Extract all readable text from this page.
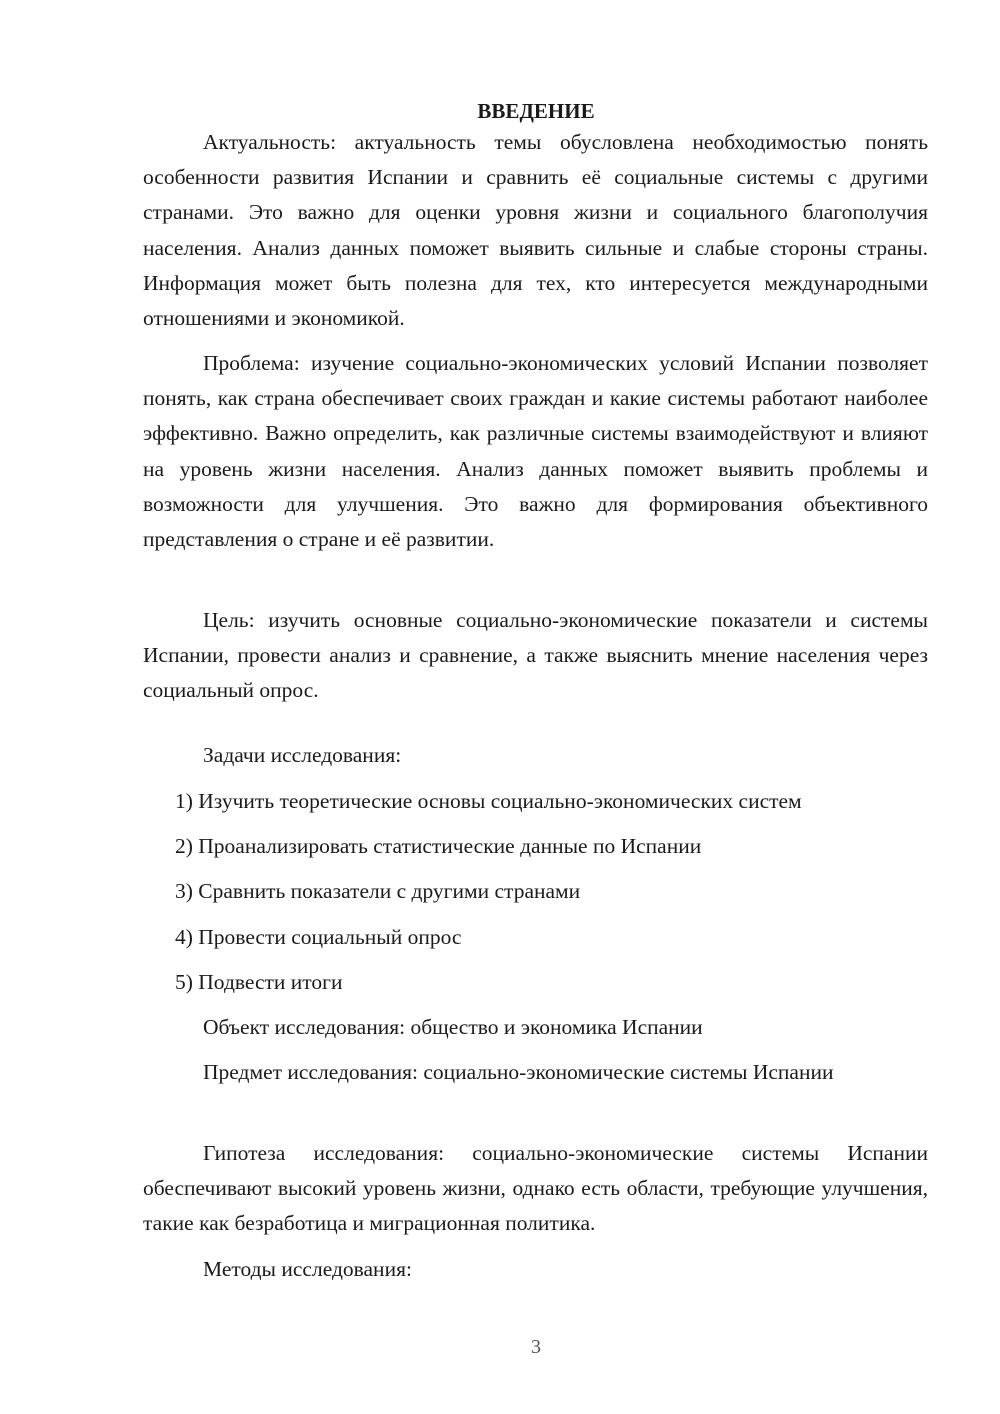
ВВЕДЕНИЕ

Актуальность: актуальность темы обусловлена необходимостью понять особенности развития Испании и сравнить её социальные системы с другими странами. Это важно для оценки уровня жизни и социального благополучия населения. Анализ данных поможет выявить сильные и слабые стороны страны. Информация может быть полезна для тех, кто интересуется международными отношениями и экономикой.

Проблема: изучение социально-экономических условий Испании позволяет понять, как страна обеспечивает своих граждан и какие системы работают наиболее эффективно. Важно определить, как различные системы взаимодействуют и влияют на уровень жизни населения. Анализ данных поможет выявить проблемы и возможности для улучшения. Это важно для формирования объективного представления о стране и её развитии.

Цель: изучить основные социально-экономические показатели и системы Испании, провести анализ и сравнение, а также выяснить мнение населения через социальный опрос.

Задачи исследования:
1) Изучить теоретические основы социально-экономических систем
2) Проанализировать статистические данные по Испании
3) Сравнить показатели с другими странами
4) Провести социальный опрос
5) Подвести итоги
Объект исследования: общество и экономика Испании

Предмет исследования: социально-экономические системы Испании

Гипотеза исследования: социально-экономические системы Испании обеспечивают высокий уровень жизни, однако есть области, требующие улучшения, такие как безработица и миграционная политика.

Методы исследования:
3
